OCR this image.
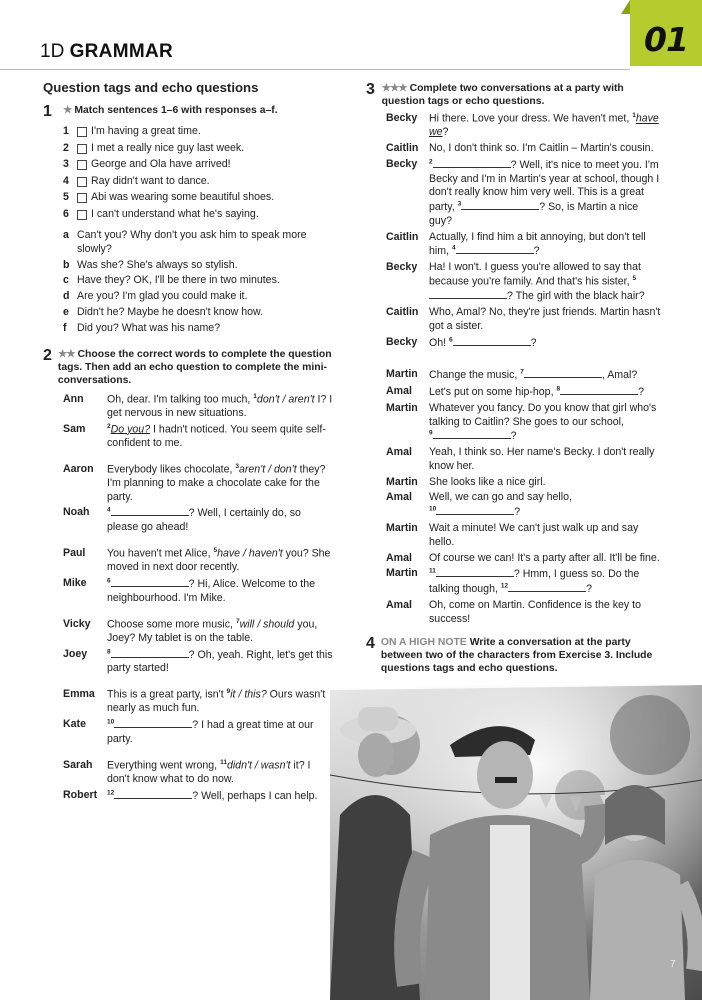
01
1D GRAMMAR
Question tags and echo questions
1	★ Match sentences 1–6 with responses a–f.
1	I'm having a great time.
2	I met a really nice guy last week.
3	George and Ola have arrived!
4	Ray didn't want to dance.
5	Abi was wearing some beautiful shoes.
6	I can't understand what he's saying.
a Can't you? Why don't you ask him to speak more slowly?
b Was she? She's always so stylish.
c Have they? OK, I'll be there in two minutes.
d Are you? I'm glad you could make it.
e Didn't he? Maybe he doesn't know how.
f Did you? What was his name?
2 ★★ Choose the correct words to complete the question tags. Then add an echo question to complete the mini-conversations.
Ann	Oh, dear. I'm talking too much, $^1$don't / aren't I? I get nervous in new situations.
Sam	$^2$Do you? I hadn't noticed. You seem quite self-confident to me.
Aaron	Everybody likes chocolate, $^3$aren't / don't they? I'm planning to make a chocolate cake for the party.
Noah	$^4$	? Well, I certainly do, so please go ahead!
Paul	You haven't met Alice, $^5$have / haven't you? She moved in next door recently.
Mike	$^6$	? Hi, Alice. Welcome to the neighbourhood. I'm Mike.
Vicky	Choose some more music, $^7$will / should you, Joey? My tablet is on the table.
Joey	$^8$	? Oh, yeah. Right, let's get this party started!
Emma	This is a great party, isn't $^9$it / this? Ours wasn't nearly as much fun.
Kate	$^{10}$	? I had a great time at our party.
Sarah	Everything went wrong, $^{11}$didn't / wasn't it? I don't know what to do now.
Robert	$^{12}$	? Well, perhaps I can help.
3 ★★★ Complete two conversations at a party with question tags or echo questions.
Becky	Hi there. Love your dress. We haven't met, $^1$have we?
Caitlin	No, I don't think so. I'm Caitlin – Martin's cousin.
Becky	$^2$	? Well, it's nice to meet you. I'm Becky and I'm in Martin's year at school, though I don't really know him very well. This is a great party, $^3$	? So, is Martin a nice guy?
Caitlin	Actually, I find him a bit annoying, but don't tell him, $^4$	?
Becky	Ha! I won't. I guess you're allowed to say that because you're family. And that's his sister, $^5$? The girl with the black hair?
Caitlin	Who, Amal? No, they're just friends. Martin hasn't got a sister.
Becky	Oh! $^6$	?
Martin	Change the music, $^7$	, Amal?
Amal	Let's put on some hip-hop, $^8$	?
Martin	Whatever you fancy. Do you know that girl who's talking to Caitlin? She goes to our school,
$^9$	?
Amal	Yeah, I think so. Her name's Becky. I don't really know her.
Martin	She looks like a nice girl.
Amal	Well, we can go and say hello,
$^{10}$	?
Martin	Wait a minute! We can't just walk up and say hello.
Amal	Of course we can! It's a party after all. It'll be fine.
Martin	$^{11}$	? Hmm, I guess so. Do the talking though, $^{12}$	?
Amal	Oh, come on Martin. Confidence is the key to success!
4 ON A HIGH NOTE Write a conversation at the party between two of the characters from Exercise 3. Include questions tags and echo questions.
7
